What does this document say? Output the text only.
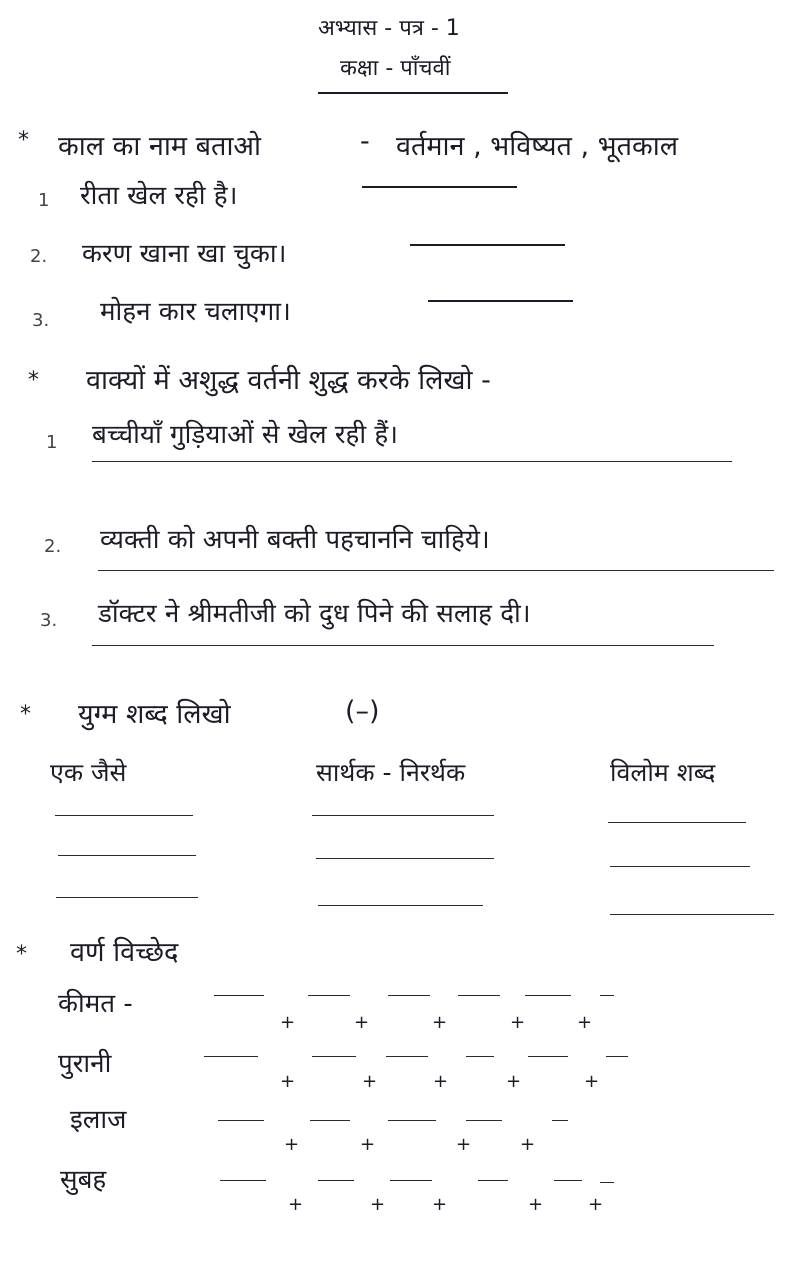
अभ्यास - पत्र - 1
कक्षा - पाँचवीं
* काल का नाम बताओ	- वर्तमान , भविष्यत , भूतकाल
1 रीता खेल रही है।
2. करण खाना खा चुका।
3. मोहन कार चलाएगा।
* वाक्यों में अशुद्ध वर्तनी शुद्ध करके लिखो -
1 बच्चीयाँ गुड़ियाओं से खेल रही हैं।
2. व्यक्ती को अपनी बक्ती पहचाननि चाहिये।
3. डॉक्टर ने श्रीमतीजी को दुध पिने की सलाह दी।
* युग्म शब्द लिखो	(–)
एक जैसे	सार्थक - निरर्थक	विलोम शब्द
* वर्ण विच्छेद
कीमत -
+	+	+	+	+
पुरानी
+	+	+	+	+
इलाज
+	+	+	+
सुबह
+	+	+	+ +
